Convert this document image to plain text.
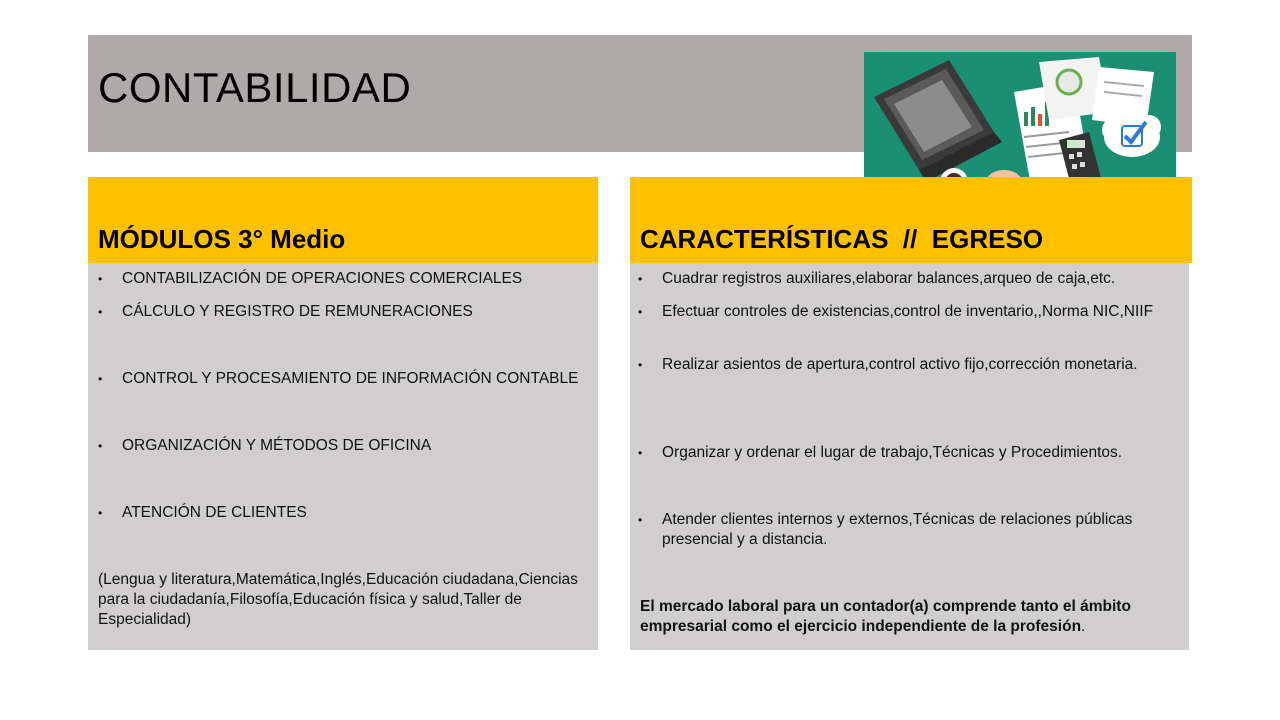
CONTABILIDAD
MÓDULOS 3° Medio
•	CONTABILIZACIÓN DE OPERACIONES COMERCIALES
•	CÁLCULO Y REGISTRO DE REMUNERACIONES
•	CONTROL Y PROCESAMIENTO DE INFORMACIÓN CONTABLE
•	ORGANIZACIÓN Y MÉTODOS DE OFICINA
•	ATENCIÓN DE CLIENTES
(Lengua y literatura,Matemática,Inglés,Educación ciudadana,Ciencias para la ciudadanía,Filosofía,Educación física y salud,Taller de Especialidad)
CARACTERÍSTICAS  //  EGRESO
•	Cuadrar registros auxiliares,elaborar balances,arqueo de caja,etc.
•	Efectuar controles de existencias,control de inventario,,Norma NIC,NIIF
•	Realizar asientos de apertura,control activo fijo,corrección monetaria.
•	Organizar y ordenar el lugar de trabajo,Técnicas y Procedimientos.
•	Atender clientes internos y externos,Técnicas de relaciones públicas presencial y a distancia.
El mercado laboral para un contador(a) comprende tanto el ámbito empresarial como el ejercicio independiente de la profesión.
